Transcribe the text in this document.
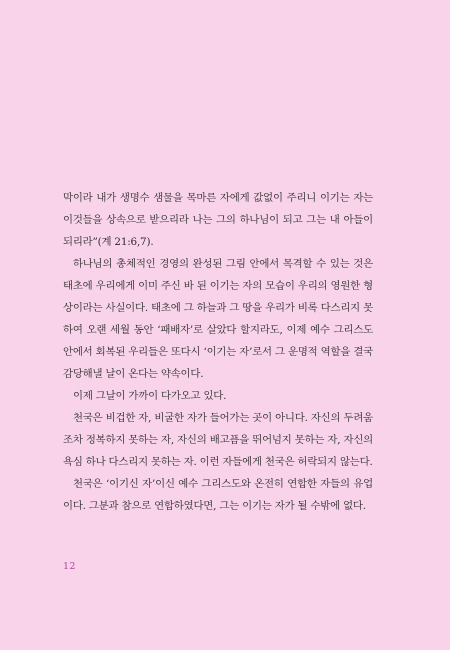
막이라 내가 생명수 샘물을 목마른 자에게 값없이 주리니 이기는 자는 이것들을 상속으로 받으리라 나는 그의 하나님이 되고 그는 내 아들이 되리라”(계 21:6,7).

하나님의 총체적인 경영의 완성된 그림 안에서 목격할 수 있는 것은 태초에 우리에게 이미 주신 바 된 이기는 자의 모습이 우리의 영원한 형상이라는 사실이다. 태초에 그 하늘과 그 땅을 우리가 비록 다스리지 못하여 오랜 세월 동안 ‘패배자’로 살았다 할지라도, 이제 예수 그리스도 안에서 회복된 우리들은 또다시 ‘이기는 자’로서 그 운명적 역할을 결국 감당해낼 날이 온다는 약속이다.

이제 그날이 가까이 다가오고 있다.

천국은 비겁한 자, 비굴한 자가 들어가는 곳이 아니다. 자신의 두려움조차 정복하지 못하는 자, 자신의 배고픔을 뛰어넘지 못하는 자, 자신의 욕심 하나 다스리지 못하는 자. 이런 자들에게 천국은 허락되지 않는다.

천국은 ‘이기신 자’이신 예수 그리스도와 온전히 연합한 자들의 유업이다. 그분과 참으로 연합하였다면, 그는 이기는 자가 될 수밖에 없다.

12
